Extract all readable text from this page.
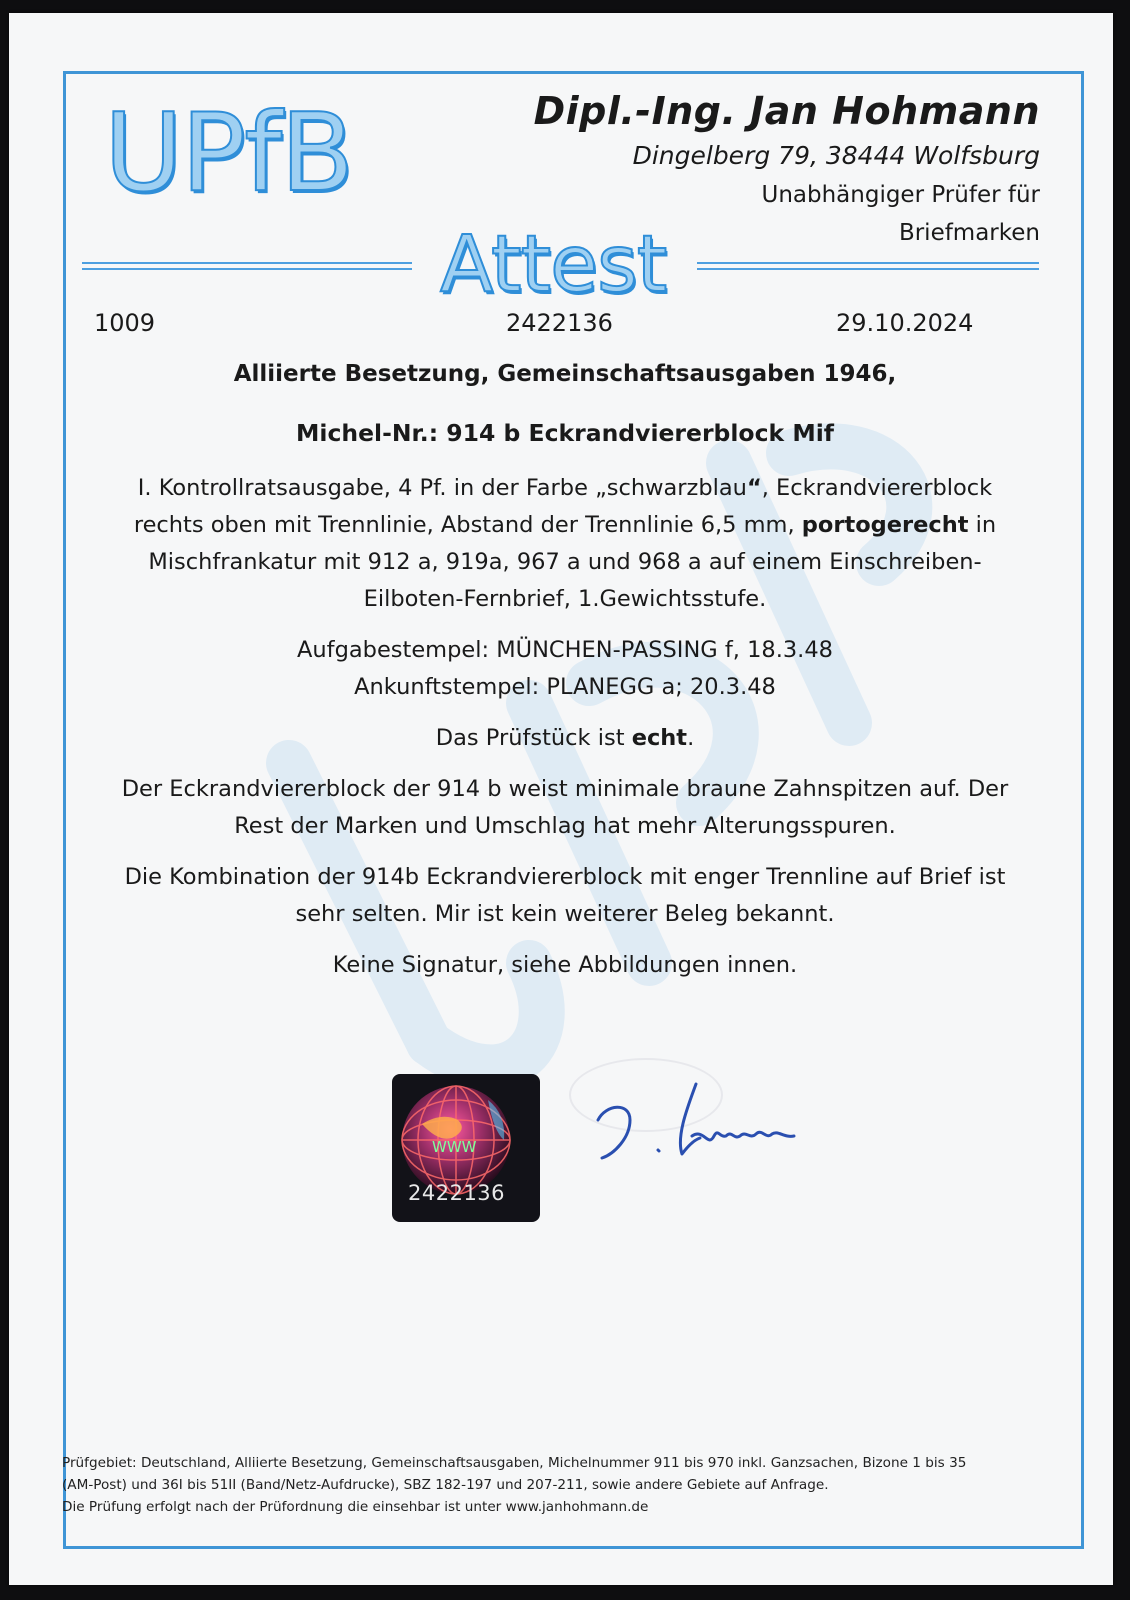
UPfB	Dipl.-Ing. Jan Hohmann
Dingelberg 79, 38444 Wolfsburg
Unabhängiger Prüfer für
Briefmarken
Attest
1009	2422136	29.10.2024
Alliierte Besetzung, Gemeinschaftsausgaben 1946,
Michel-Nr.: 914 b Eckrandviererblock Mif

I. Kontrollratsausgabe, 4 Pf. in der Farbe „schwarzblau“, Eckrandviererblock rechts oben mit Trennlinie, Abstand der Trennlinie 6,5 mm, portogerecht in Mischfrankatur mit 912 a, 919a, 967 a und 968 a auf einem Einschreiben-Eilboten-Fernbrief, 1.Gewichtsstufe.

Aufgabestempel: MÜNCHEN-PASSING f, 18.3.48
Ankunftstempel: PLANEGG a; 20.3.48

Das Prüfstück ist echt.

Der Eckrandviererblock der 914 b weist minimale braune Zahnspitzen auf. Der
Rest der Marken und Umschlag hat mehr Alterungsspuren.

Die Kombination der 914b Eckrandviererblock mit enger Trennline auf Brief ist
sehr selten. Mir ist kein weiterer Beleg bekannt.

Keine Signatur, siehe Abbildungen innen.

WWW
2422136
Prüfgebiet: Deutschland, Alliierte Besetzung, Gemeinschaftsausgaben, Michelnummer 911 bis 970 inkl. Ganzsachen, Bizone 1 bis 35
(AM-Post) und 36I bis 51II (Band/Netz-Aufdrucke), SBZ 182-197 und 207-211, sowie andere Gebiete auf Anfrage.
Die Prüfung erfolgt nach der Prüfordnung die einsehbar ist unter www.janhohmann.de
